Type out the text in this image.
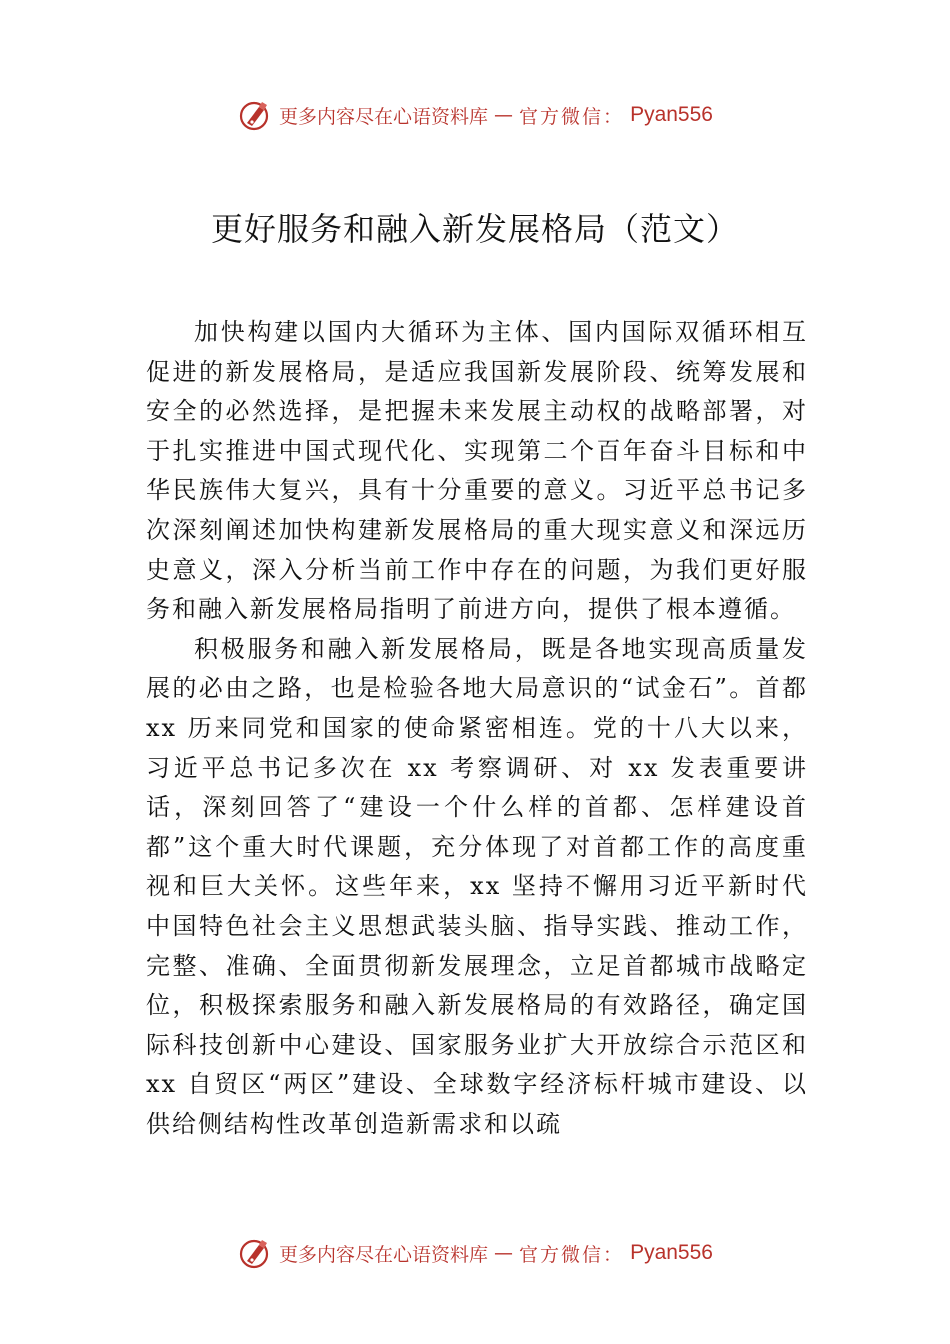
更多内容尽在心语资料库 — 官方微信： Pyan556
更好服务和融入新发展格局（范文）

加快构建以国内大循环为主体、国内国际双循环相互促进的新发展格局，是适应我国新发展阶段、统筹发展和安全的必然选择，是把握未来发展主动权的战略部署，对于扎实推进中国式现代化、实现第二个百年奋斗目标和中华民族伟大复兴，具有十分重要的意义。习近平总书记多次深刻阐述加快构建新发展格局的重大现实意义和深远历史意义，深入分析当前工作中存在的问题，为我们更好服务和融入新发展格局指明了前进方向，提供了根本遵循。

积极服务和融入新发展格局，既是各地实现高质量发展的必由之路，也是检验各地大局意识的“试金石”。首都 xx 历来同党和国家的使命紧密相连。党的十八大以来，习近平总书记多次在 xx 考察调研、对 xx 发表重要讲话，深刻回答了“建设一个什么样的首都、怎样建设首都”这个重大时代课题，充分体现了对首都工作的高度重视和巨大关怀。这些年来，xx 坚持不懈用习近平新时代中国特色社会主义思想武装头脑、指导实践、推动工作，完整、准确、全面贯彻新发展理念，立足首都城市战略定位，积极探索服务和融入新发展格局的有效路径，确定国际科技创新中心建设、国家服务业扩大开放综合示范区和 xx 自贸区“两区”建设、全球数字经济标杆城市建设、以供给侧结构性改革创造新需求和以疏

更多内容尽在心语资料库 — 官方微信： Pyan556
